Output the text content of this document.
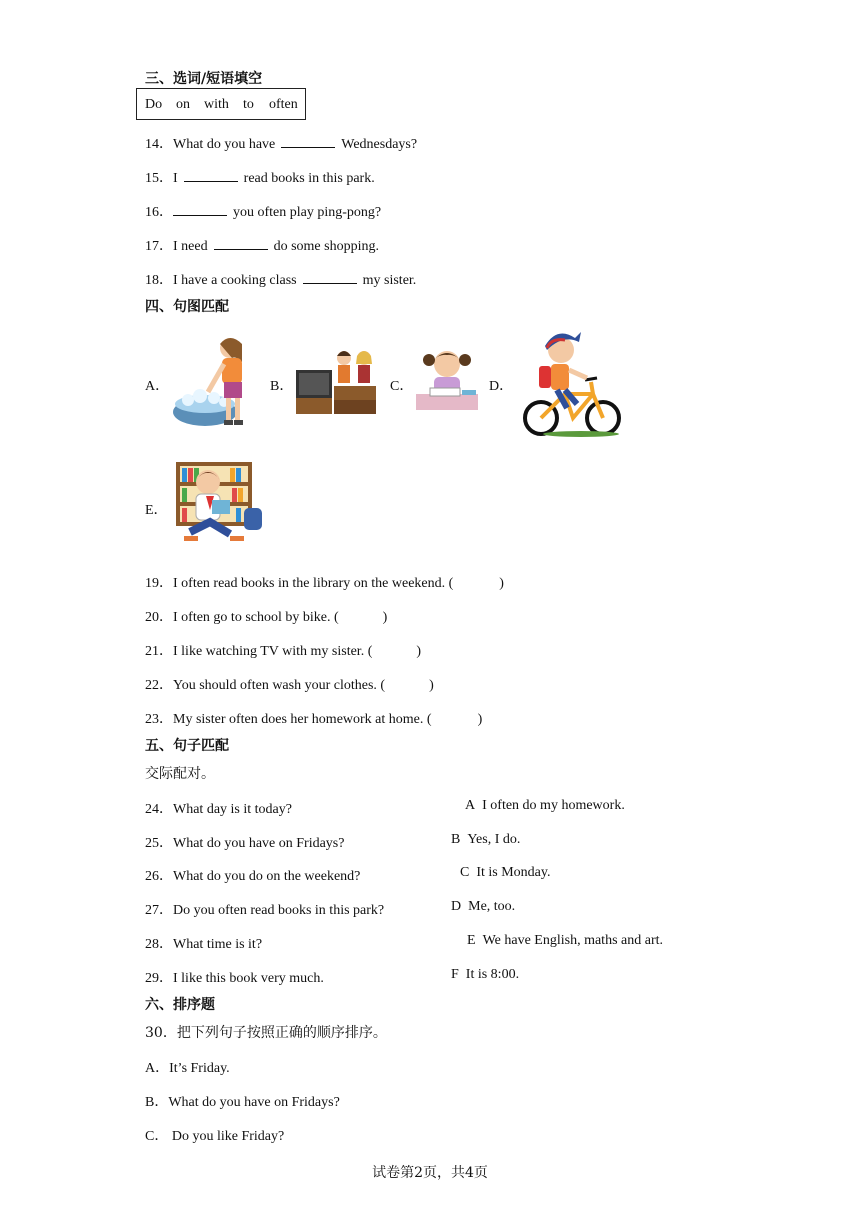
三、选词/短语填空
Do on with to often
14．What do you have	Wednesdays?
15．I	read books in this park.
16．	you often play ping-pong?
17．I need	do some shopping.
18．I have a cooking class	my sister.
四、句图匹配
A．	B．	C．	D．
E．
19．I often read books in the library on the weekend. (	)
20．I often go to school by bike. (	)
21．I like watching TV with my sister. (	)
22．You should often wash your clothes. (	)
23．My sister often does her homework at home. (	)
五、句子匹配
交际配对。
24．What day is it today?
25．What do you have on Fridays?
26．What do you do on the weekend?
27．Do you often read books in this park?
28．What time is it?
29．I like this book very much.
A I often do my homework.
B Yes, I do.
C It is Monday.
D Me, too.
E We have English, maths and art.
F It is 8:00.
六、排序题
30．把下列句子按照正确的顺序排序。
A．It’s Friday.
B．What do you have on Fridays?
C． Do you like Friday?
试卷第2页，共4页
